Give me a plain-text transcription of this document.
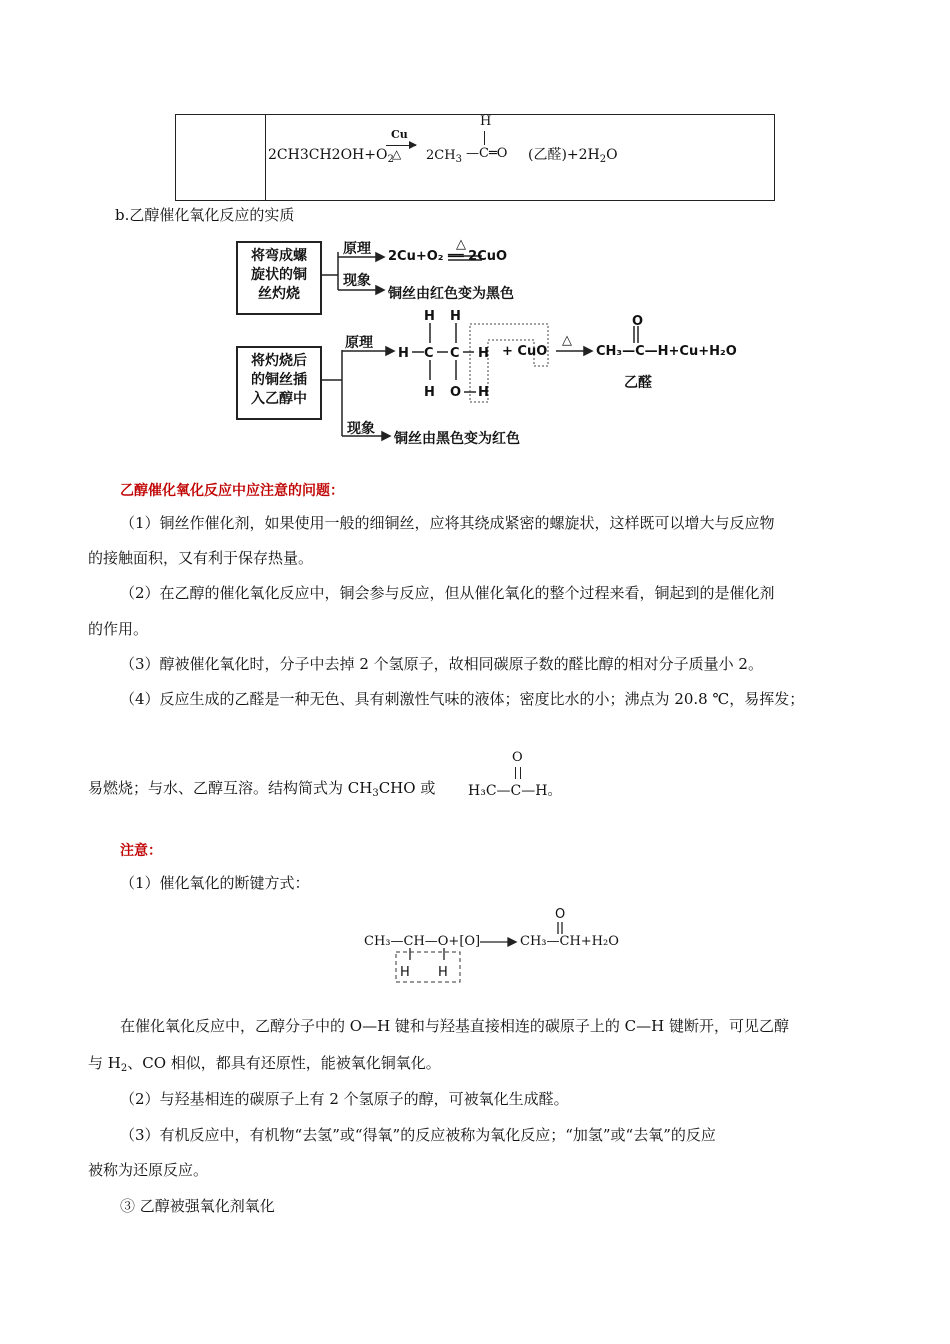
$2CH3CH2OH+O_2$
Cu
△ $2CH_3$
H
—C═O (乙醛)$+2H_2O$
b.乙醇催化氧化反应的实质
将弯成螺
旋状的铜
丝灼烧
将灼烧后
的铜丝插
入乙醇中
H H
H C C H
H O H
O
原理
现象
2Cu+O₂ ══ 2CuO
△
铜丝由红色变为黑色
原理
+ CuO
△
CH₃—C—H+Cu+H₂O
乙醛
现象
铜丝由黑色变为红色
乙醇催化氧化反应中应注意的问题：
（1）铜丝作催化剂，如果使用一般的细铜丝，应将其绕成紧密的螺旋状，这样既可以增大与反应物
的接触面积，又有利于保存热量。
（2）在乙醇的催化氧化反应中，铜会参与反应，但从催化氧化的整个过程来看，铜起到的是催化剂
的作用。
（3）醇被催化氧化时，分子中去掉 2 个氢原子，故相同碳原子数的醛比醇的相对分子质量小 2。
（4）反应生成的乙醛是一种无色、具有刺激性气味的液体；密度比水的小；沸点为 20.8 ℃，易挥发；
易燃烧；与水、乙醇互溶。结构简式为 $CH_3CHO$ 或
O
H₃C—C—H。
注意：
（1）催化氧化的断键方式：
O
H H
CH₃—CH—O+[O]	CH₃—CH+H₂O
在催化氧化反应中，乙醇分子中的 O—H 键和与羟基直接相连的碳原子上的 C—H 键断开，可见乙醇
与 $H_2$、CO 相似，都具有还原性，能被氧化铜氧化。
（2）与羟基相连的碳原子上有 2 个氢原子的醇，可被氧化生成醛。
（3）有机反应中，有机物“去氢”或“得氧”的反应被称为氧化反应；“加氢”或“去氧”的反应
被称为还原反应。
③ 乙醇被强氧化剂氧化
